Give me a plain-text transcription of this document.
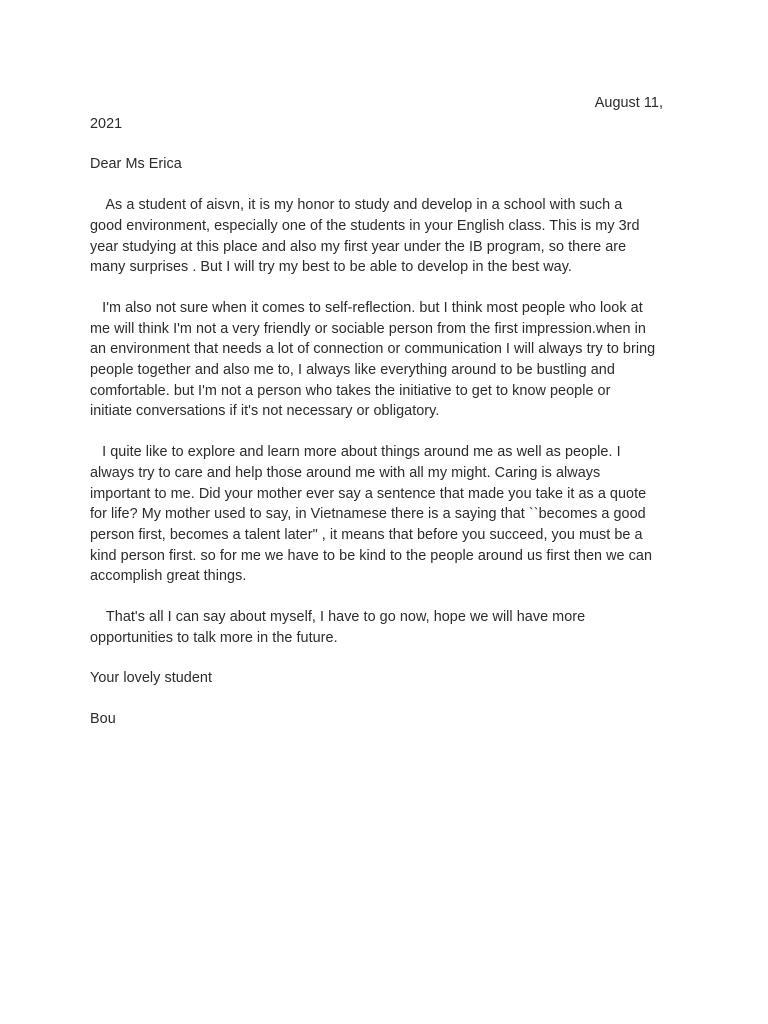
August 11,
2021
Dear Ms Erica
As a student of aisvn, it is my honor to study and develop in a school with such a
good environment, especially one of the students in your English class. This is my 3rd
year studying at this place and also my first year under the IB program, so there are
many surprises . But I will try my best to be able to develop in the best way.
I'm also not sure when it comes to self-reflection. but I think most people who look at
me will think I'm not a very friendly or sociable person from the first impression.when in
an environment that needs a lot of connection or communication I will always try to bring
people together and also me to, I always like everything around to be bustling and
comfortable. but I'm not a person who takes the initiative to get to know people or
initiate conversations if it's not necessary or obligatory.
I quite like to explore and learn more about things around me as well as people. I
always try to care and help those around me with all my might. Caring is always
important to me. Did your mother ever say a sentence that made you take it as a quote
for life? My mother used to say, in Vietnamese there is a saying that ``becomes a good
person first, becomes a talent later" , it means that before you succeed, you must be a
kind person first. so for me we have to be kind to the people around us first then we can
accomplish great things.
That's all I can say about myself, I have to go now, hope we will have more
opportunities to talk more in the future.
Your lovely student
Bou
